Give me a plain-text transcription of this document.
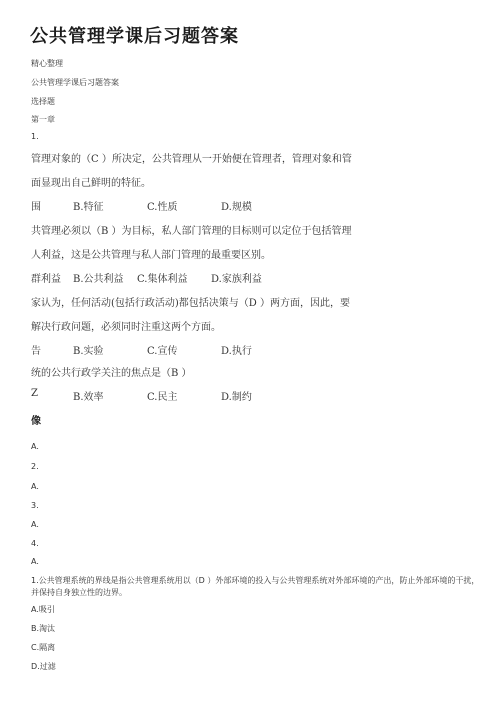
公共管理学课后习题答案
精心整理
公共管理学课后习题答案
选择题
第一章
1.
管理对象的（C ）所决定，公共管理从一开始便在管理者，管理对象和管
面显现出自己鲜明的特征。
围	B.特征	C.性质	D.规模
共管理必须以（B ）为目标，私人部门管理的目标则可以定位于包括管理
人利益，这是公共管理与私人部门管理的最重要区别。
群利益 B.公共利益 C.集体利益 D.家族利益
家认为，任何活动(包括行政活动)都包括决策与（D ）两方面，因此，要
解决行政问题，必须同时注重这两个方面。
告	B.实验	C.宣传	D.执行
统的公共行政学关注的焦点是（B ）
Z	B.效率	C.民主	D.制约
像
A.
2.
A.
3.
A.
4.
A.
1.公共管理系统的界线是指公共管理系统用以（D ）外部环境的投入与公共管理系统对外部环境的产出，防止外部环境的干扰，并保持自身独立性的边界。
A.吸引
B.淘汰
C.隔离
D.过滤
